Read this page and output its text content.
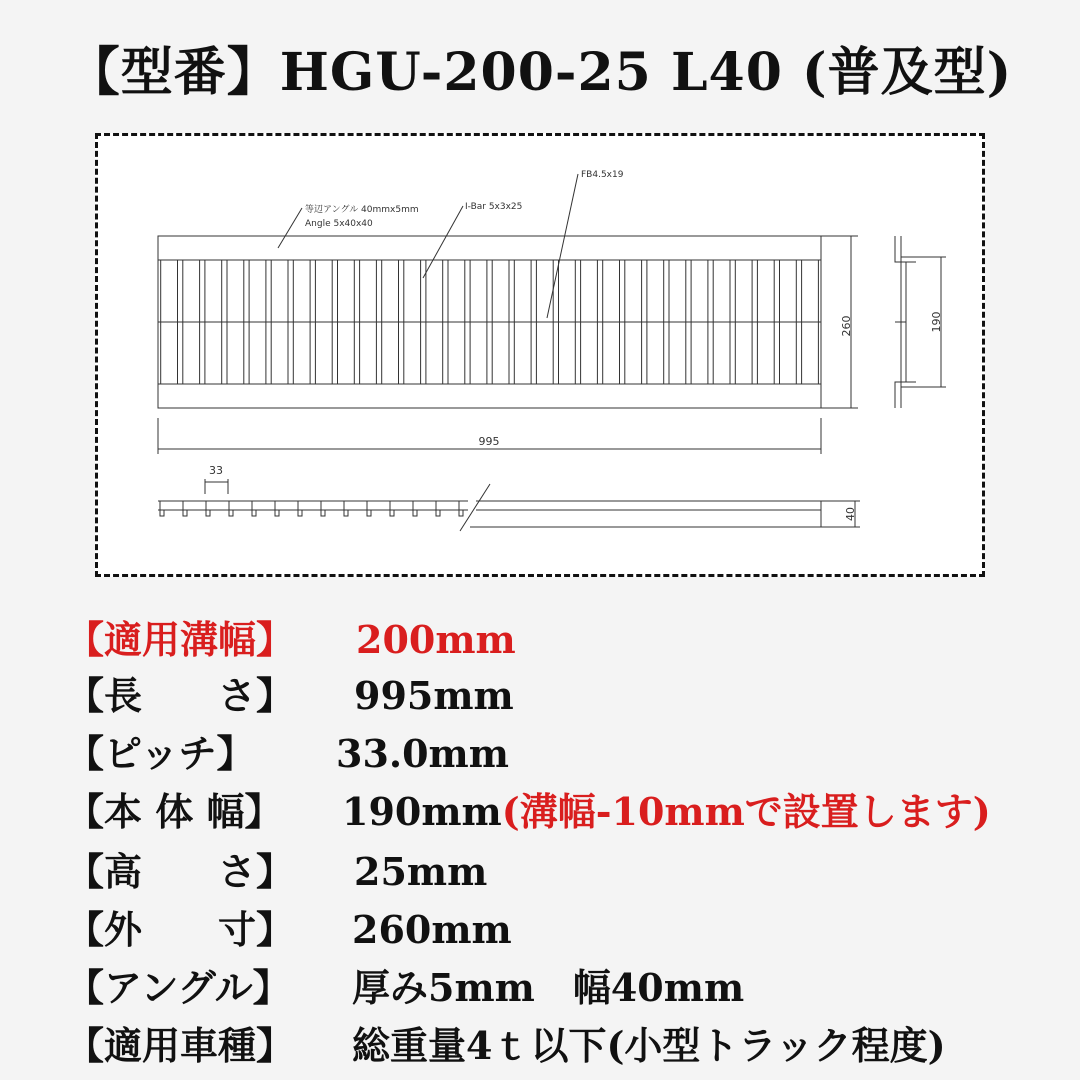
【型番】HGU-200-25 L40 (普及型)
等辺アングル 40mmx5mm
Angle 5x40x40
I-Bar 5x3x25
FB4.5x19
260	190
995
33
40
【適用溝幅】 200mm
【長　　さ】 995mm
【ピッチ】 33.0mm
【本 体 幅】 190mm(溝幅-10mmで設置します)
【高　　さ】 25mm
【外　　寸】 260mm
【アングル】 厚み5mm　幅40mm
【適用車種】 総重量4ｔ以下(小型トラック程度)
